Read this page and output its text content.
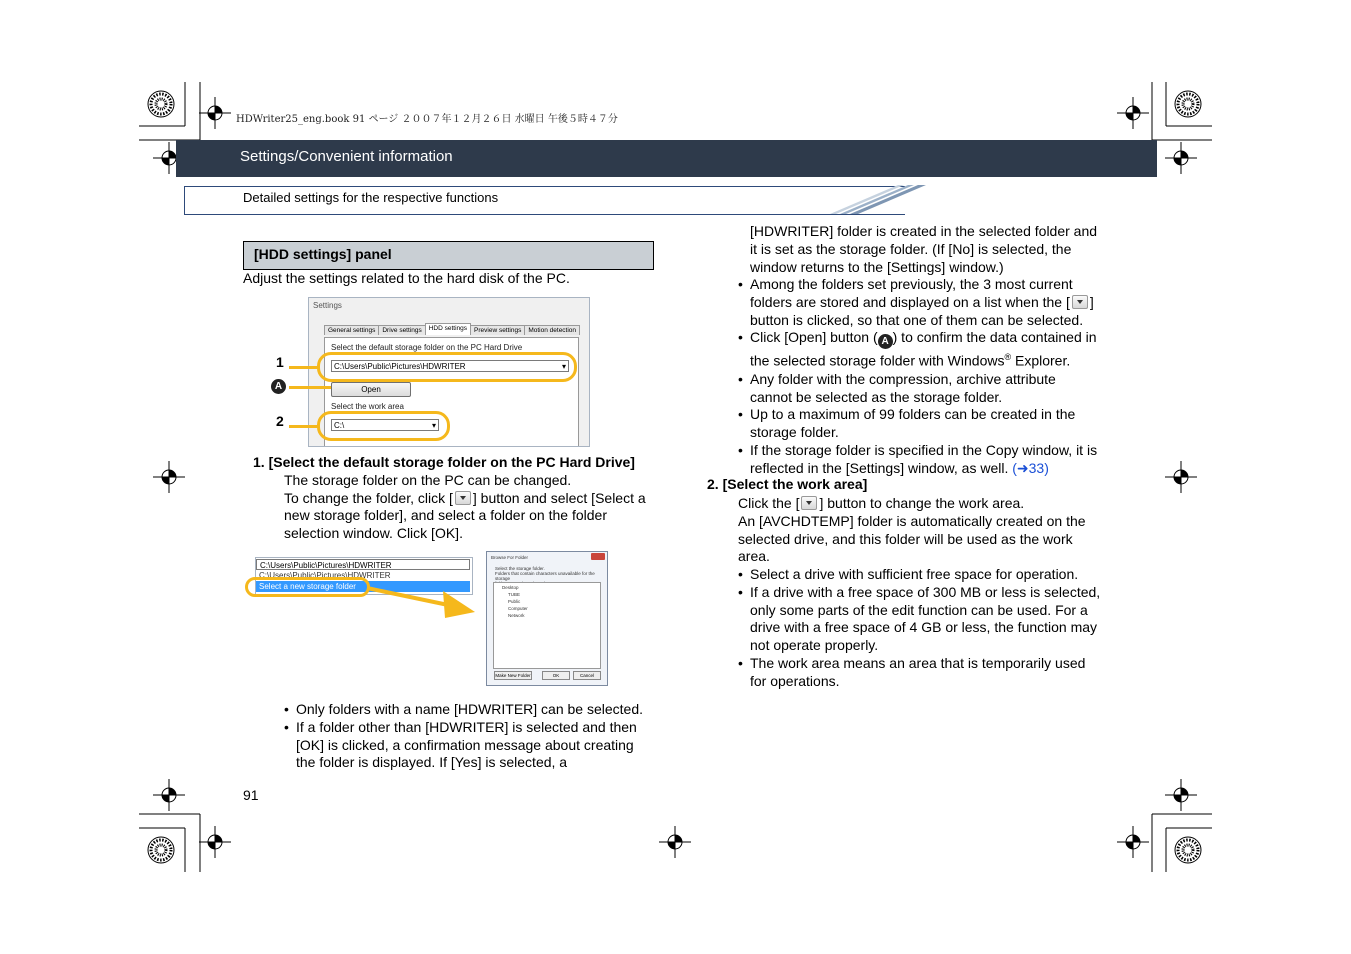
HDWriter25_eng.book 91 ページ ２００７年１２月２６日 水曜日 午後５時４７分
Settings/Convenient information
Detailed settings for the respective functions
[HDD settings] panel
Adjust the settings related to the hard disk of the PC.
Settings
General settings Drive settings HDD settings Preview settings Motion detection
Select the default storage folder on the PC Hard Drive
C:\Users\Public\Pictures\HDWRITER ▾
Open
Select the work area
C:\ ▾
1
A
2
1. [Select the default storage folder on the PC Hard Drive]
The storage folder on the PC can be changed.
To change the folder, click [ ] button and select [Select a
new storage folder], and select a folder on the folder
selection window. Click [OK].
C:\Users\Public\Pictures\HDWRITER
C:\Users\Public\Pictures\HDWRITER
Select a new storage folder
Browse For Folder
Select the storage folder.
Folders that contain characters unavailable for the storage
Desktop
TUBE
Public
Computer
Network
Make New Folder	OK	Cancel
• Only folders with a name [HDWRITER] can be selected.
• If a folder other than [HDWRITER] is selected and then
[OK] is clicked, a confirmation message about creating
the folder is displayed. If [Yes] is selected, a
[HDWRITER] folder is created in the selected folder and
it is set as the storage folder. (If [No] is selected, the
window returns to the [Settings] window.)
• Among the folders set previously, the 3 most current
folders are stored and displayed on a list when the [ ]
button is clicked, so that one of them can be selected.
• Click [Open] button ( A ) to confirm the data contained in
the selected storage folder with Windows® Explorer.
• Any folder with the compression, archive attribute
cannot be selected as the storage folder.
• Up to a maximum of 99 folders can be created in the
storage folder.
• If the storage folder is specified in the Copy window, it is
reflected in the [Settings] window, as well. (➜33)
2. [Select the work area]
Click the [ ] button to change the work area.
An [AVCHDTEMP] folder is automatically created on the
selected drive, and this folder will be used as the work
area.
• Select a drive with sufficient free space for operation.
• If a drive with a free space of 300 MB or less is selected,
only some parts of the edit function can be used. For a
drive with a free space of 4 GB or less, the function may
not operate properly.
• The work area means an area that is temporarily used
for operations.
91
